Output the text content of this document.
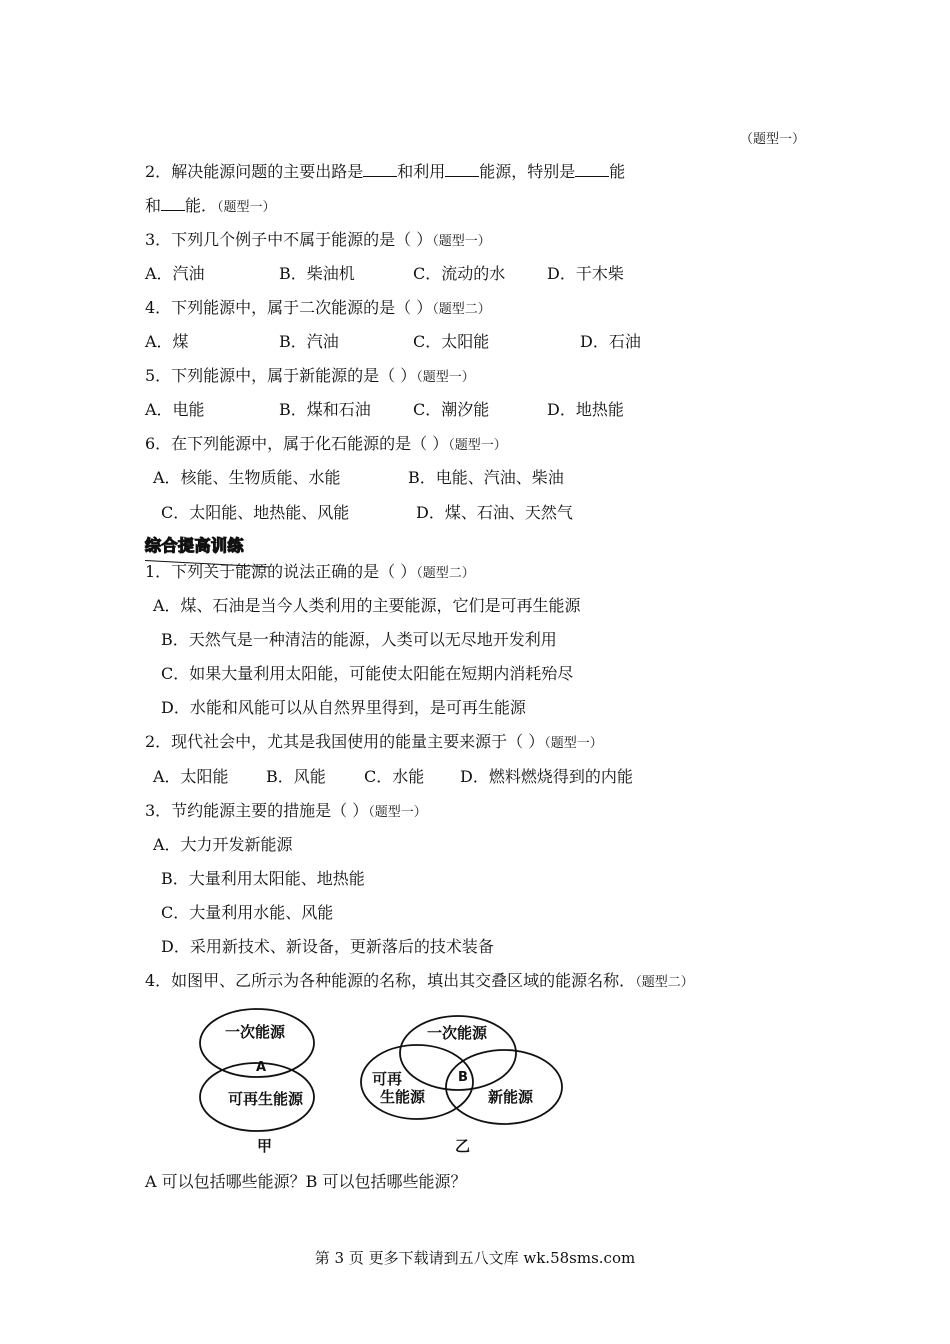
（题型一）
2．解决能源问题的主要出路是 和利用 能源，特别是 能
和 能．（题型一）
3．下列几个例子中不属于能源的是（ ）（题型一）
A．汽油	B．柴油机	C．流动的水	D．干木柴
4．下列能源中，属于二次能源的是（ ）（题型二）
A．煤	B．汽油	C．太阳能	D．石油
5．下列能源中，属于新能源的是（ ）（题型一）
A．电能	B．煤和石油	C．潮汐能	D．地热能
6．在下列能源中，属于化石能源的是（ ）（题型一）
A．核能、生物质能、水能	B．电能、汽油、柴油
C．太阳能、地热能、风能	D．煤、石油、天然气
综合提高训练
1．下列关于能源的说法正确的是（ ）（题型二）
A．煤、石油是当今人类利用的主要能源，它们是可再生能源
B．天然气是一种清洁的能源，人类可以无尽地开发利用
C．如果大量利用太阳能，可能使太阳能在短期内消耗殆尽
D．水能和风能可以从自然界里得到，是可再生能源
2．现代社会中，尤其是我国使用的能量主要来源于（ ）（题型一）
A．太阳能 B．风能 C．水能 D．燃料燃烧得到的内能
3．节约能源主要的措施是（ ）（题型一）
A．大力开发新能源
B．大量利用太阳能、地热能
C．大量利用水能、风能
D．采用新技术、新设备，更新落后的技术装备
4．如图甲、乙所示为各种能源的名称，填出其交叠区域的能源名称．（题型二）
一次能源
A
可再生能源
甲
一次能源
可再
生能源
B
新能源
乙
A 可以包括哪些能源？B 可以包括哪些能源？
第 3 页 更多下载请到五八文库 wk.58sms.com
